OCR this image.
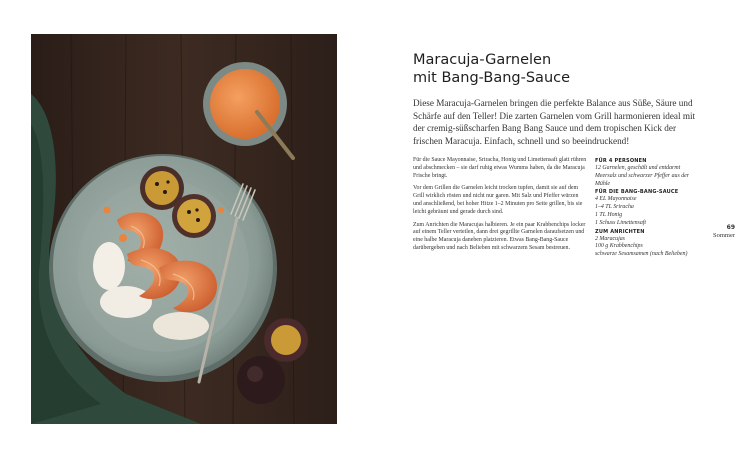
Maracuja-Garnelen
mit Bang-Bang-Sauce

Diese Maracuja-Garnelen bringen die perfekte Balance aus Süße, Säure und Schärfe auf den Teller! Die zarten Garnelen vom Grill harmonieren ideal mit der cremig-süßscharfen Bang Bang Sauce und dem tropischen Kick der frischen Maracuja. Einfach, schnell und so beeindruckend!

Für die Sauce Mayonnaise, Sriracha, Honig und Limettensaft glatt rühren und abschmecken – sie darf ruhig etwas Wumms haben, da die Maracuja Frische bringt.

Vor dem Grillen die Garnelen leicht trocken tupfen, damit sie auf dem Grill wirklich rösten und nicht nur garen. Mit Salz und Pfeffer würzen und anschließend, bei hoher Hitze 1–2 Minuten pro Seite grillen, bis sie leicht gebräunt und gerade durch sind.

Zum Anrichten die Maracujas halbieren. Je ein paar Krabbenchips locker auf einem Teller verteilen, dann drei gegrillte Garnelen daraufsetzen und eine halbe Maracuja daneben platzieren. Etwas Bang-Bang-Sauce darübergeben und nach Belieben mit schwarzem Sesam bestreuen.

FÜR 4 PERSONEN
12 Garnelen, geschält und entdarmt
Meersalz und schwarzer Pfeffer aus der Mühle
FÜR DIE BANG-BANG-SAUCE
4 EL Mayonnaise
1–4 TL Sriracha
1 TL Honig
1 Schuss Limettensaft
ZUM ANRICHTEN
2 Maracujas
100 g Krabbenchips
schwarze Sesamsamen (nach Belieben)
69
Sommer
